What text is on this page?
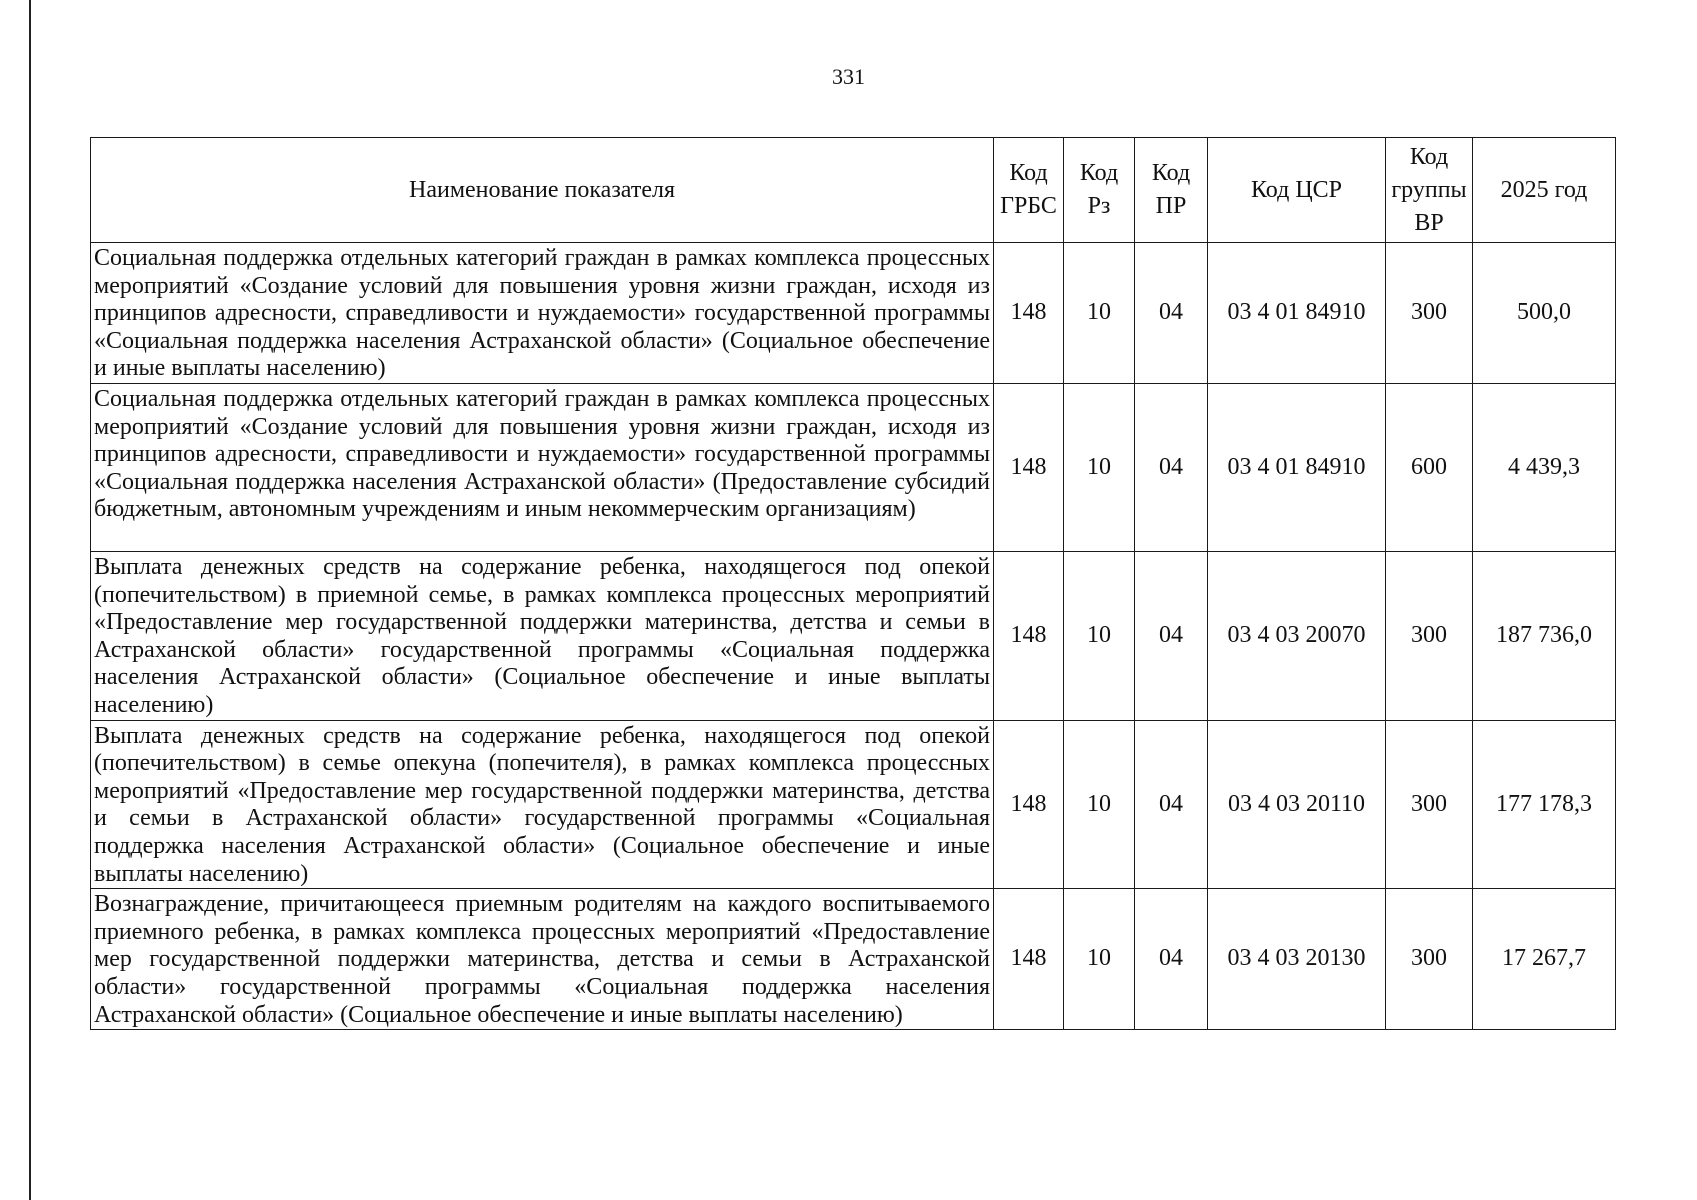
331
Наименование показателя	Код ГРБС	Код Рз	Код ПР	Код ЦСР	Код группы ВР	2025 год
Социальная поддержка отдельных категорий граждан в рамках комплекса процессных мероприятий «Создание условий для повышения уровня жизни граждан, исходя из принципов адресности, справедливости и нуждаемости» государственной программы «Социальная поддержка населения Астраханской области» (Социальное обеспечение и иные выплаты населению)	148	10	04	03 4 01 84910	300	500,0
Социальная поддержка отдельных категорий граждан в рамках комплекса процессных мероприятий «Создание условий для повышения уровня жизни граждан, исходя из принципов адресности, справедливости и нуждаемости» государственной программы «Социальная поддержка населения Астраханской области» (Предоставление субсидий бюджетным, автономным учреждениям и иным некоммерческим организациям)	148	10	04	03 4 01 84910	600	4 439,3
Выплата денежных средств на содержание ребенка, находящегося под опекой (попечительством) в приемной семье, в рамках комплекса процессных мероприятий «Предоставление мер государственной поддержки материнства, детства и семьи в Астраханской области» государственной программы «Социальная поддержка населения Астраханской области» (Социальное обеспечение и иные выплаты населению)	148	10	04	03 4 03 20070	300	187 736,0
Выплата денежных средств на содержание ребенка, находящегося под опекой (попечительством) в семье опекуна (попечителя), в рамках комплекса процессных мероприятий «Предоставление мер государственной поддержки материнства, детства и семьи в Астраханской области» государственной программы «Социальная поддержка населения Астраханской области» (Социальное обеспечение и иные выплаты населению)	148	10	04	03 4 03 20110	300	177 178,3
Вознаграждение, причитающееся приемным родителям на каждого воспитываемого приемного ребенка, в рамках комплекса процессных мероприятий «Предоставление мер государственной поддержки материнства, детства и семьи в Астраханской области» государственной программы «Социальная поддержка населения Астраханской области» (Социальное обеспечение и иные выплаты населению)	148	10	04	03 4 03 20130	300	17 267,7
